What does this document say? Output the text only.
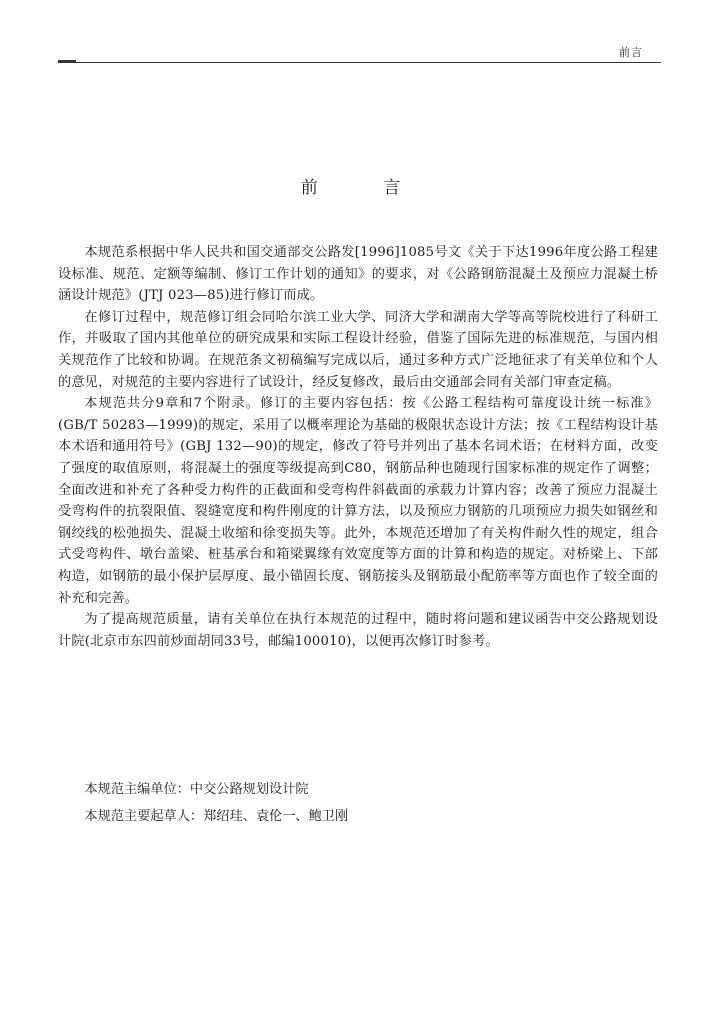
前言
前 言

本规范系根据中华人民共和国交通部交公路发[1996]1085号文《关于下达1996年度公路工程建设标准、规范、定额等编制、修订工作计划的通知》的要求，对《公路钢筋混凝土及预应力混凝土桥涵设计规范》(JTJ 023—85)进行修订而成。

在修订过程中，规范修订组会同哈尔滨工业大学、同济大学和湖南大学等高等院校进行了科研工作，并吸取了国内其他单位的研究成果和实际工程设计经验，借鉴了国际先进的标准规范，与国内相关规范作了比较和协调。在规范条文初稿编写完成以后，通过多种方式广泛地征求了有关单位和个人的意见，对规范的主要内容进行了试设计，经反复修改，最后由交通部会同有关部门审查定稿。

本规范共分9章和7个附录。修订的主要内容包括：按《公路工程结构可靠度设计统一标准》(GB/T 50283—1999)的规定，采用了以概率理论为基础的极限状态设计方法；按《工程结构设计基本术语和通用符号》(GBJ 132—90)的规定，修改了符号并列出了基本名词术语；在材料方面，改变了强度的取值原则，将混凝土的强度等级提高到C80，钢筋品种也随现行国家标准的规定作了调整；全面改进和补充了各种受力构件的正截面和受弯构件斜截面的承载力计算内容；改善了预应力混凝土受弯构件的抗裂限值、裂缝宽度和构件刚度的计算方法，以及预应力钢筋的几项预应力损失如钢丝和钢绞线的松弛损失、混凝土收缩和徐变损失等。此外，本规范还增加了有关构件耐久性的规定，组合式受弯构件、墩台盖梁、桩基承台和箱梁翼缘有效宽度等方面的计算和构造的规定。对桥梁上、下部构造，如钢筋的最小保护层厚度、最小锚固长度、钢筋接头及钢筋最小配筋率等方面也作了较全面的补充和完善。

为了提高规范质量，请有关单位在执行本规范的过程中，随时将问题和建议函告中交公路规划设计院(北京市东四前炒面胡同33号，邮编100010)，以便再次修订时参考。

本规范主编单位：中交公路规划设计院

本规范主要起草人：郑绍珪、袁伦一、鲍卫刚
